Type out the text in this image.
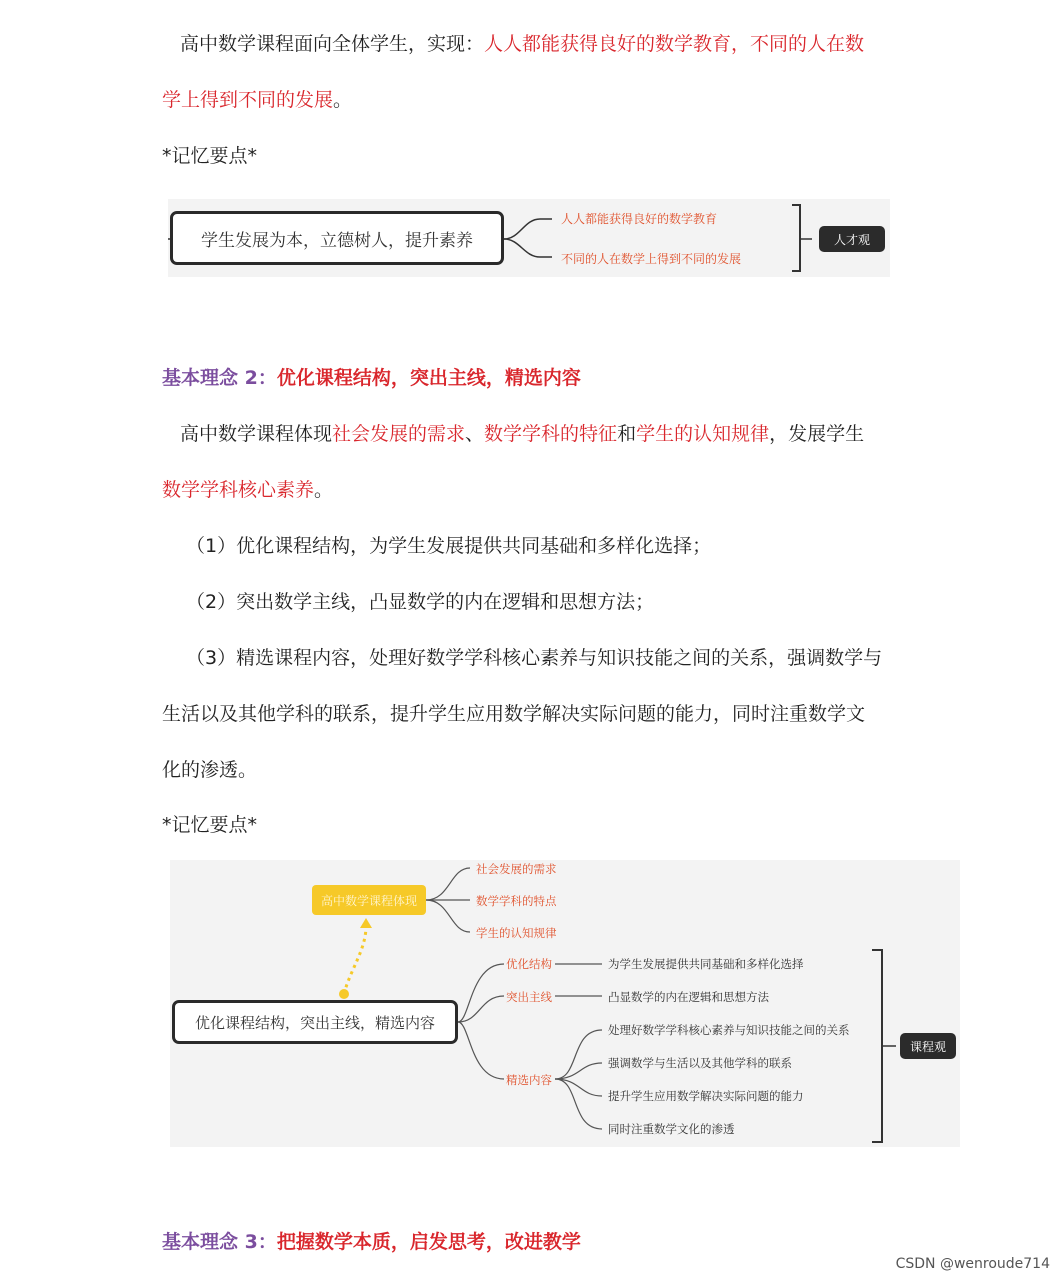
高中数学课程面向全体学生，实现：人人都能获得良好的数学教育，不同的人在数

学上得到不同的发展。

*记忆要点*

学生发展为本，立德树人，提升素养
人人都能获得良好的数学教育
不同的人在数学上得到不同的发展
人才观

基本理念 2：优化课程结构，突出主线，精选内容

高中数学课程体现社会发展的需求、数学学科的特征和学生的认知规律，发展学生

数学学科核心素养。

（1）优化课程结构，为学生发展提供共同基础和多样化选择；

（2）突出数学主线，凸显数学的内在逻辑和思想方法；

（3）精选课程内容，处理好数学学科核心素养与知识技能之间的关系，强调数学与

生活以及其他学科的联系，提升学生应用数学解决实际问题的能力，同时注重数学文

化的渗透。

*记忆要点*

高中数学课程体现
社会发展的需求
数学学科的特点
学生的认知规律
优化课程结构，突出主线，精选内容
优化结构
突出主线
精选内容
为学生发展提供共同基础和多样化选择
凸显数学的内在逻辑和思想方法
处理好数学学科核心素养与知识技能之间的关系
强调数学与生活以及其他学科的联系
提升学生应用数学解决实际问题的能力
同时注重数学文化的渗透
课程观

基本理念 3：把握数学本质，启发思考，改进教学

CSDN @wenroude714
